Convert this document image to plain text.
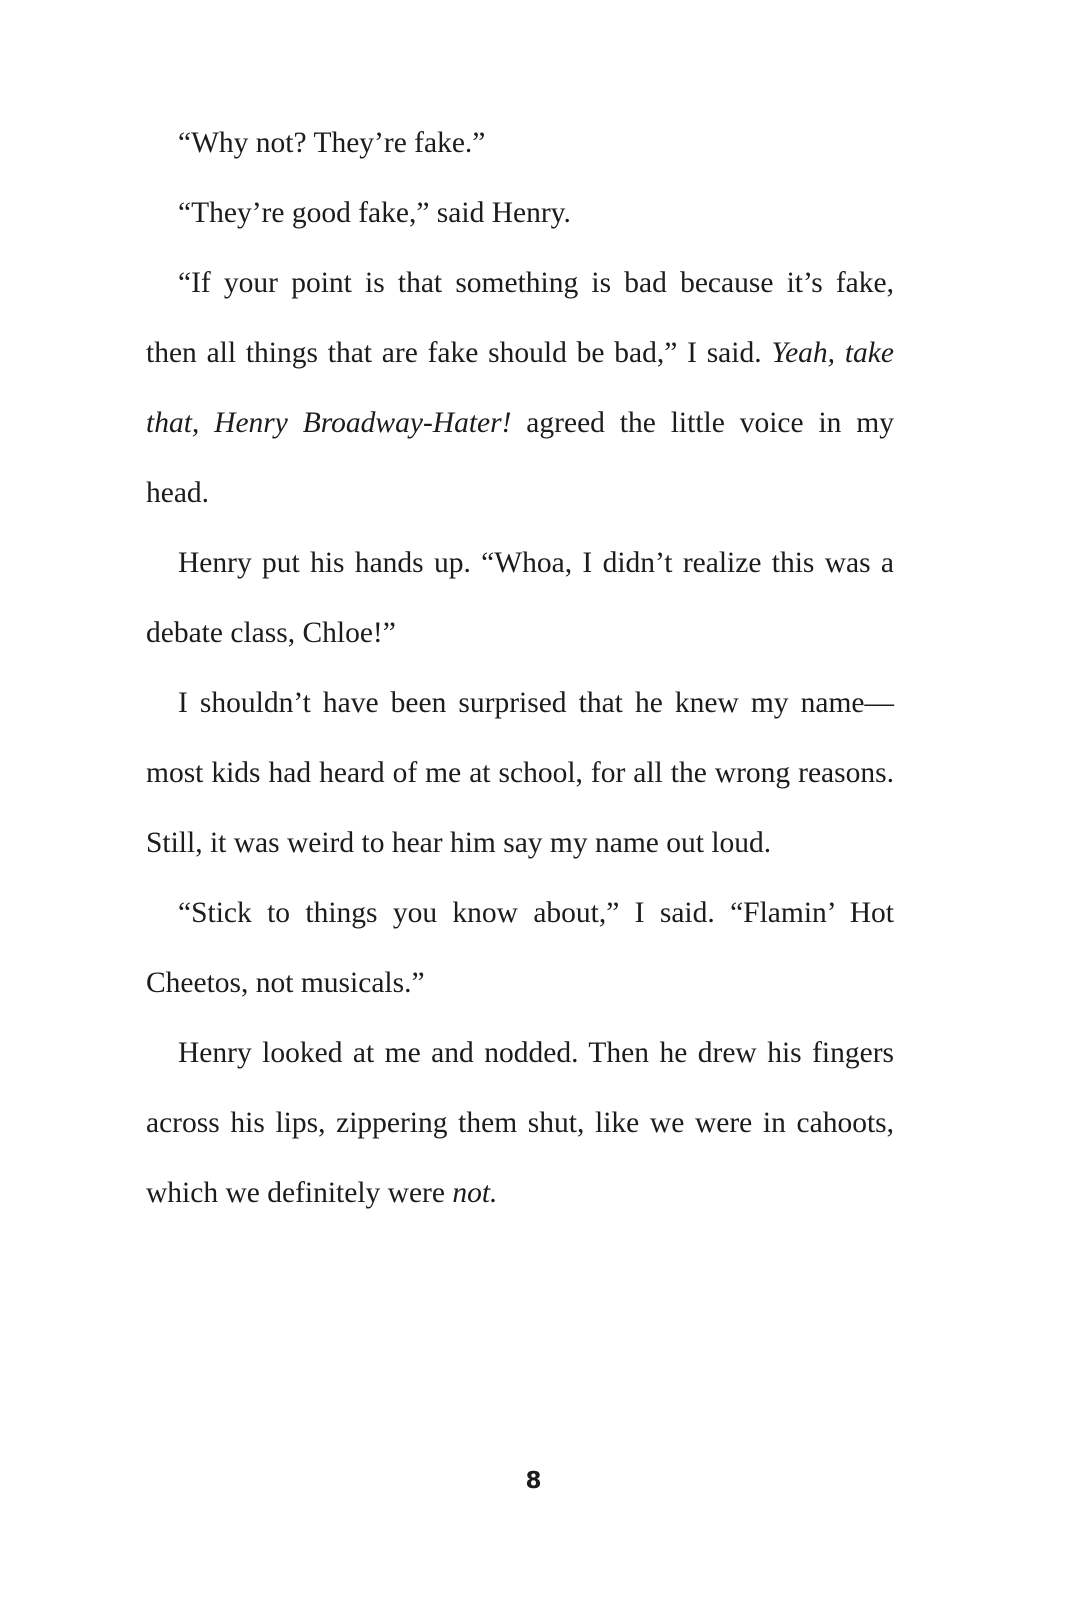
“Why not? They’re fake.”

“They’re good fake,” said Henry.

“If your point is that something is bad because it’s fake, then all things that are fake should be bad,” I said. Yeah, take that, Henry Broadway-Hater! agreed the little voice in my head.

Henry put his hands up. “Whoa, I didn’t realize this was a debate class, Chloe!”

I shouldn’t have been surprised that he knew my name—most kids had heard of me at school, for all the wrong reasons. Still, it was weird to hear him say my name out loud.

“Stick to things you know about,” I said. “Flamin’ Hot Cheetos, not musicals.”

Henry looked at me and nodded. Then he drew his fingers across his lips, zippering them shut, like we were in cahoots, which we definitely were not.

8
